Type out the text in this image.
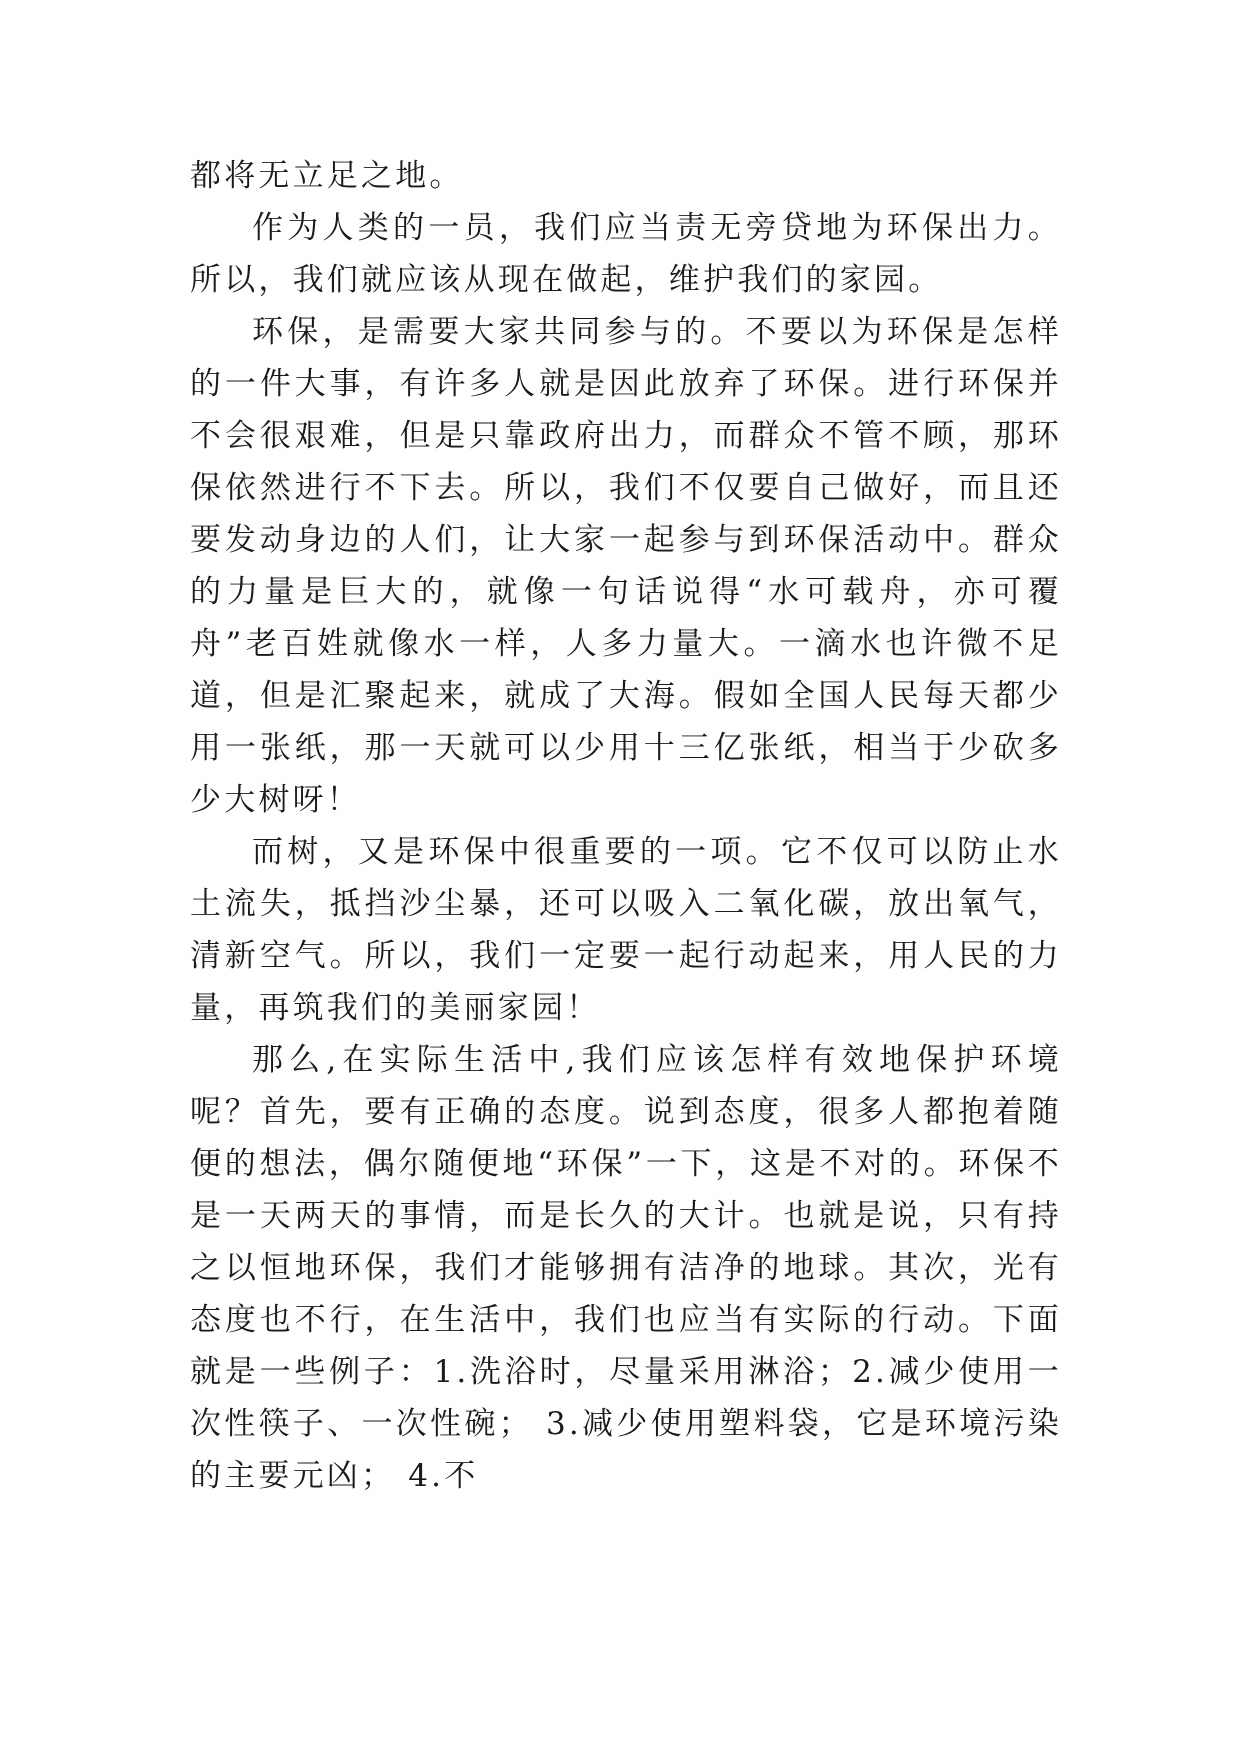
都将无立足之地。

作为人类的一员，我们应当责无旁贷地为环保出力。所以，我们就应该从现在做起，维护我们的家园。

环保，是需要大家共同参与的。不要以为环保是怎样的一件大事，有许多人就是因此放弃了环保。进行环保并不会很艰难，但是只靠政府出力，而群众不管不顾，那环保依然进行不下去。所以，我们不仅要自己做好，而且还要发动身边的人们，让大家一起参与到环保活动中。群众的力量是巨大的，就像一句话说得“水可载舟，亦可覆舟”老百姓就像水一样，人多力量大。一滴水也许微不足道，但是汇聚起来，就成了大海。假如全国人民每天都少用一张纸，那一天就可以少用十三亿张纸，相当于少砍多少大树呀！

而树，又是环保中很重要的一项。它不仅可以防止水土流失，抵挡沙尘暴，还可以吸入二氧化碳，放出氧气，清新空气。所以，我们一定要一起行动起来，用人民的力量，再筑我们的美丽家园！

那么,在实际生活中,我们应该怎样有效地保护环境呢？首先，要有正确的态度。说到态度，很多人都抱着随便的想法，偶尔随便地“环保”一下，这是不对的。环保不是一天两天的事情，而是长久的大计。也就是说，只有持之以恒地环保，我们才能够拥有洁净的地球。其次，光有态度也不行，在生活中，我们也应当有实际的行动。下面就是一些例子：1.洗浴时，尽量采用淋浴；2.减少使用一次性筷子、一次性碗； 3.减少使用塑料袋，它是环境污染的主要元凶； 4.不
